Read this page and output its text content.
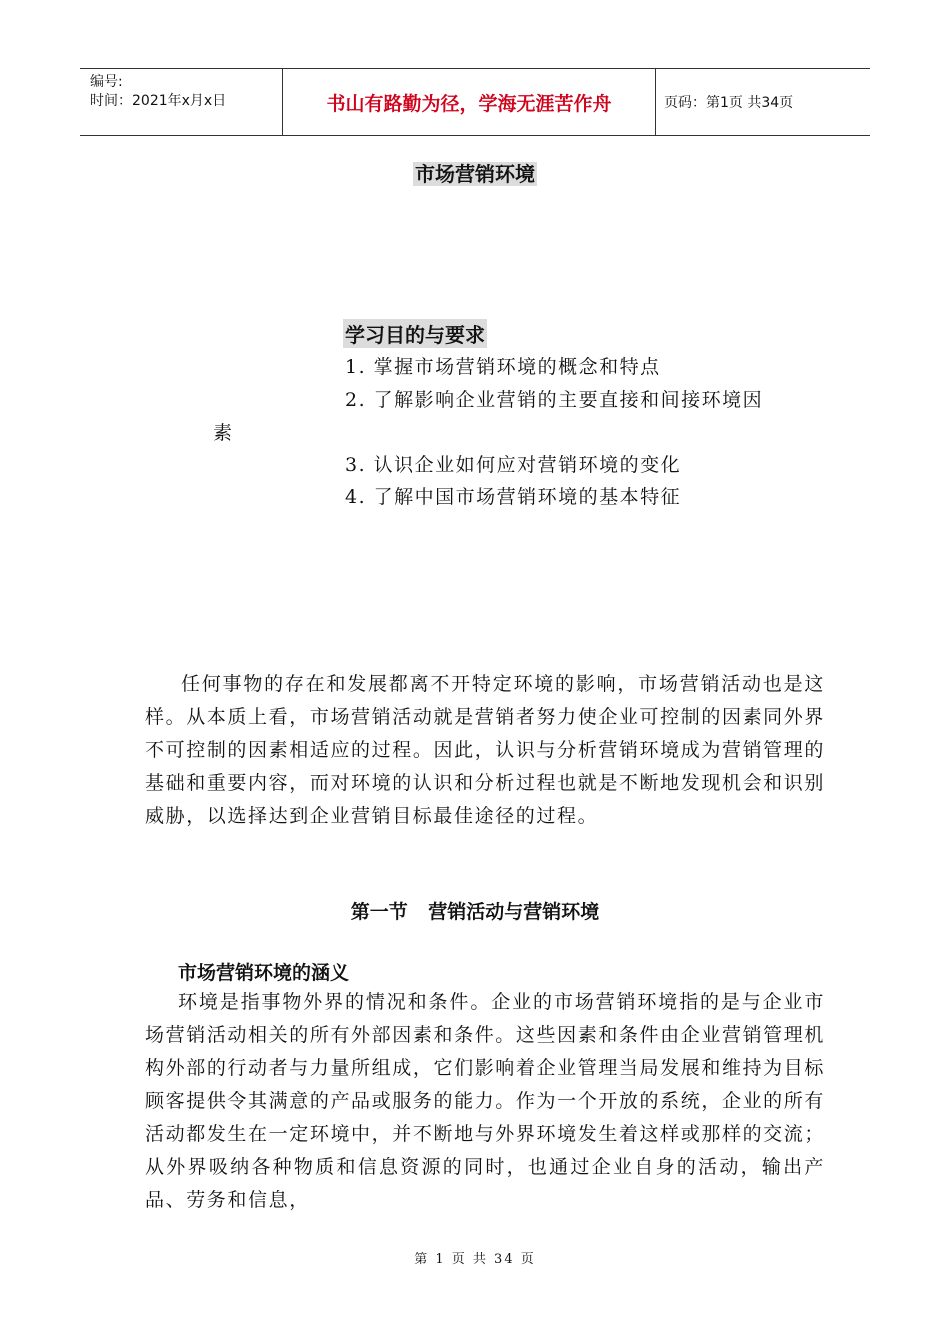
编号:
时间：2021年x月x日	书山有路勤为径，学海无涯苦作舟	页码：第1页 共34页
市场营销环境
学习目的与要求
1. 掌握市场营销环境的概念和特点
2. 了解影响企业营销的主要直接和间接环境因
素
3. 认识企业如何应对营销环境的变化
4. 了解中国市场营销环境的基本特征

任何事物的存在和发展都离不开特定环境的影响，市场营销活动也是这样。从本质上看，市场营销活动就是营销者努力使企业可控制的因素同外界不可控制的因素相适应的过程。因此，认识与分析营销环境成为营销管理的基础和重要内容，而对环境的认识和分析过程也就是不断地发现机会和识别威胁，以选择达到企业营销目标最佳途径的过程。

第一节 营销活动与营销环境
市场营销环境的涵义

环境是指事物外界的情况和条件。企业的市场营销环境指的是与企业市场营销活动相关的所有外部因素和条件。这些因素和条件由企业营销管理机构外部的行动者与力量所组成，它们影响着企业管理当局发展和维持为目标顾客提供令其满意的产品或服务的能力。作为一个开放的系统，企业的所有活动都发生在一定环境中，并不断地与外界环境发生着这样或那样的交流；从外界吸纳各种物质和信息资源的同时，也通过企业自身的活动，输出产品、劳务和信息，

第 1 页 共 34 页
